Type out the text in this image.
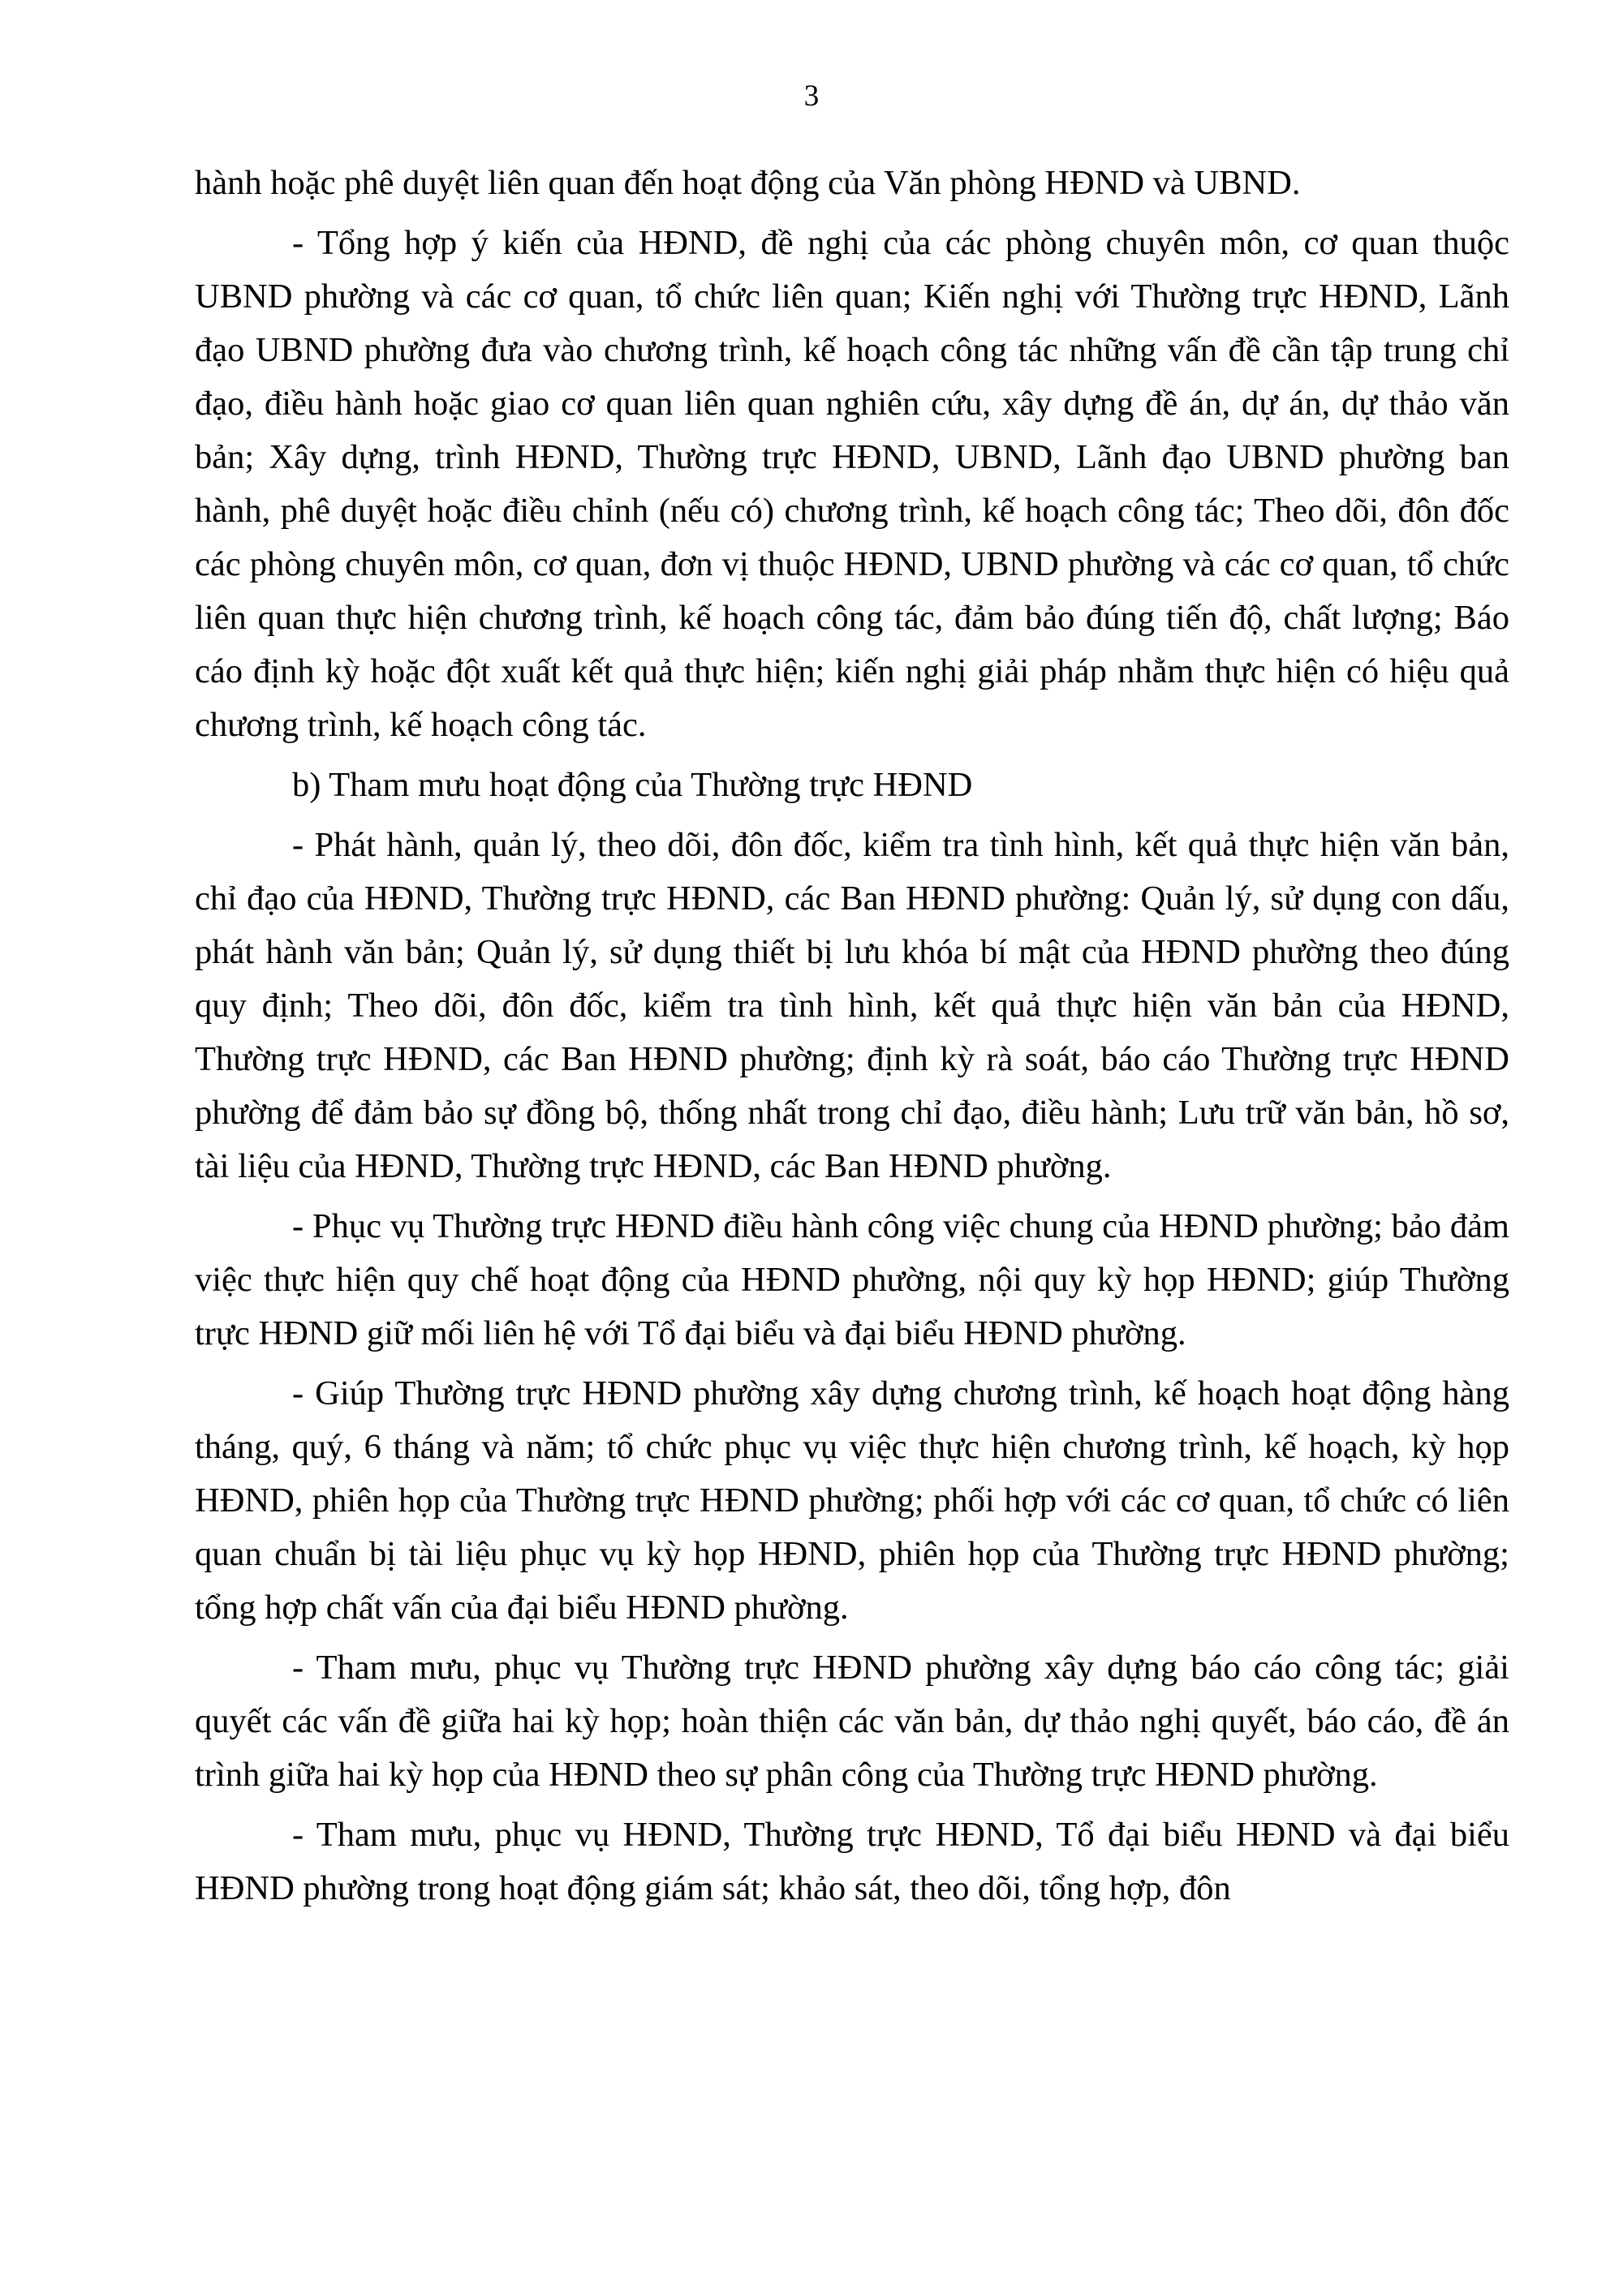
3

hành hoặc phê duyệt liên quan đến hoạt động của Văn phòng HĐND và UBND.

- Tổng hợp ý kiến của HĐND, đề nghị của các phòng chuyên môn, cơ quan thuộc UBND phường và các cơ quan, tổ chức liên quan; Kiến nghị với Thường trực HĐND, Lãnh đạo UBND phường đưa vào chương trình, kế hoạch công tác những vấn đề cần tập trung chỉ đạo, điều hành hoặc giao cơ quan liên quan nghiên cứu, xây dựng đề án, dự án, dự thảo văn bản; Xây dựng, trình HĐND, Thường trực HĐND, UBND, Lãnh đạo UBND phường ban hành, phê duyệt hoặc điều chỉnh (nếu có) chương trình, kế hoạch công tác; Theo dõi, đôn đốc các phòng chuyên môn, cơ quan, đơn vị thuộc HĐND, UBND phường và các cơ quan, tổ chức liên quan thực hiện chương trình, kế hoạch công tác, đảm bảo đúng tiến độ, chất lượng; Báo cáo định kỳ hoặc đột xuất kết quả thực hiện; kiến nghị giải pháp nhằm thực hiện có hiệu quả chương trình, kế hoạch công tác.

b) Tham mưu hoạt động của Thường trực HĐND

- Phát hành, quản lý, theo dõi, đôn đốc, kiểm tra tình hình, kết quả thực hiện văn bản, chỉ đạo của HĐND, Thường trực HĐND, các Ban HĐND phường: Quản lý, sử dụng con dấu, phát hành văn bản; Quản lý, sử dụng thiết bị lưu khóa bí mật của HĐND phường theo đúng quy định; Theo dõi, đôn đốc, kiểm tra tình hình, kết quả thực hiện văn bản của HĐND, Thường trực HĐND, các Ban HĐND phường; định kỳ rà soát, báo cáo Thường trực HĐND phường để đảm bảo sự đồng bộ, thống nhất trong chỉ đạo, điều hành; Lưu trữ văn bản, hồ sơ, tài liệu của HĐND, Thường trực HĐND, các Ban HĐND phường.

- Phục vụ Thường trực HĐND điều hành công việc chung của HĐND phường; bảo đảm việc thực hiện quy chế hoạt động của HĐND phường, nội quy kỳ họp HĐND; giúp Thường trực HĐND giữ mối liên hệ với Tổ đại biểu và đại biểu HĐND phường.

- Giúp Thường trực HĐND phường xây dựng chương trình, kế hoạch hoạt động hàng tháng, quý, 6 tháng và năm; tổ chức phục vụ việc thực hiện chương trình, kế hoạch, kỳ họp HĐND, phiên họp của Thường trực HĐND phường; phối hợp với các cơ quan, tổ chức có liên quan chuẩn bị tài liệu phục vụ kỳ họp HĐND, phiên họp của Thường trực HĐND phường; tổng hợp chất vấn của đại biểu HĐND phường.

- Tham mưu, phục vụ Thường trực HĐND phường xây dựng báo cáo công tác; giải quyết các vấn đề giữa hai kỳ họp; hoàn thiện các văn bản, dự thảo nghị quyết, báo cáo, đề án trình giữa hai kỳ họp của HĐND theo sự phân công của Thường trực HĐND phường.

- Tham mưu, phục vụ HĐND, Thường trực HĐND, Tổ đại biểu HĐND và đại biểu HĐND phường trong hoạt động giám sát; khảo sát, theo dõi, tổng hợp, đôn
